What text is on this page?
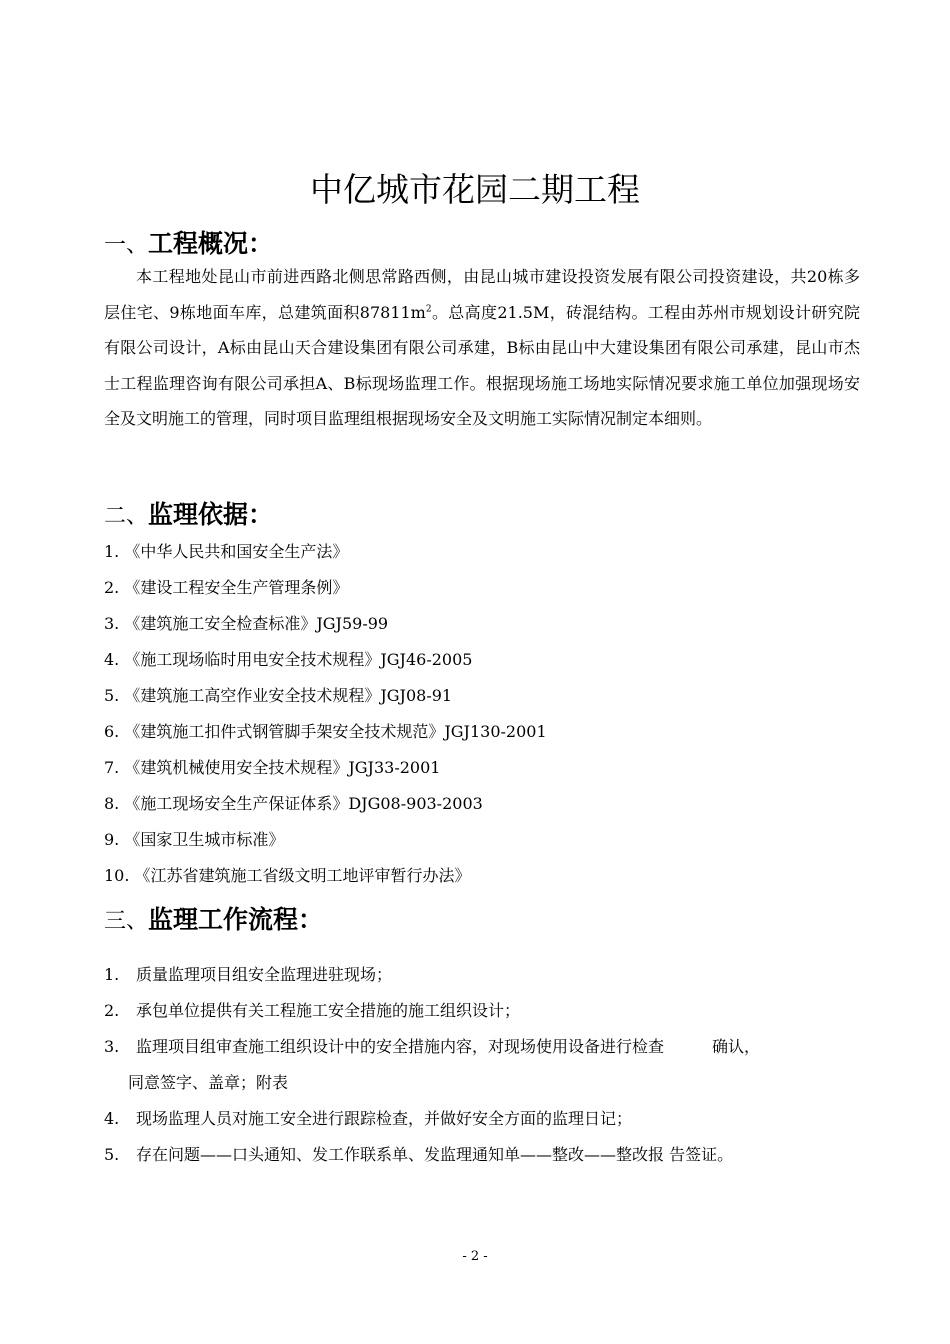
中亿城市花园二期工程
一、工程概况：

本工程地处昆山市前进西路北侧思常路西侧，由昆山城市建设投资发展有限公司投资建设，共20栋多层住宅、9栋地面车库，总建筑面积$87811m^2$。总高度21.5M，砖混结构。工程由苏州市规划设计研究院有限公司设计，A标由昆山天合建设集团有限公司承建，B标由昆山中大建设集团有限公司承建，昆山市杰士工程监理咨询有限公司承担A、B标现场监理工作。根据现场施工场地实际情况要求施工单位加强现场安全及文明施工的管理，同时项目监理组根据现场安全及文明施工实际情况制定本细则。

二、监理依据：
1. 《中华人民共和国安全生产法》
2. 《建设工程安全生产管理条例》
3. 《建筑施工安全检查标准》JGJ59-99
4. 《施工现场临时用电安全技术规程》JGJ46-2005
5. 《建筑施工高空作业安全技术规程》JGJ08-91
6. 《建筑施工扣件式钢管脚手架安全技术规范》JGJ130-2001
7. 《建筑机械使用安全技术规程》JGJ33-2001
8. 《施工现场安全生产保证体系》DJG08-903-2003
9. 《国家卫生城市标准》
10. 《江苏省建筑施工省级文明工地评审暂行办法》
三、监理工作流程：
1.	质量监理项目组安全监理进驻现场；
2.	承包单位提供有关工程施工安全措施的施工组织设计；
3.	监理项目组审查施工组织设计中的安全措施内容，对现场使用设备进行检查	确认，
同意签字、盖章；附表
4.	现场监理人员对施工安全进行跟踪检查，并做好安全方面的监理日记；
5.	存在问题——口头通知、发工作联系单、发监理通知单——整改——整改报 告签证。
- 2 -
